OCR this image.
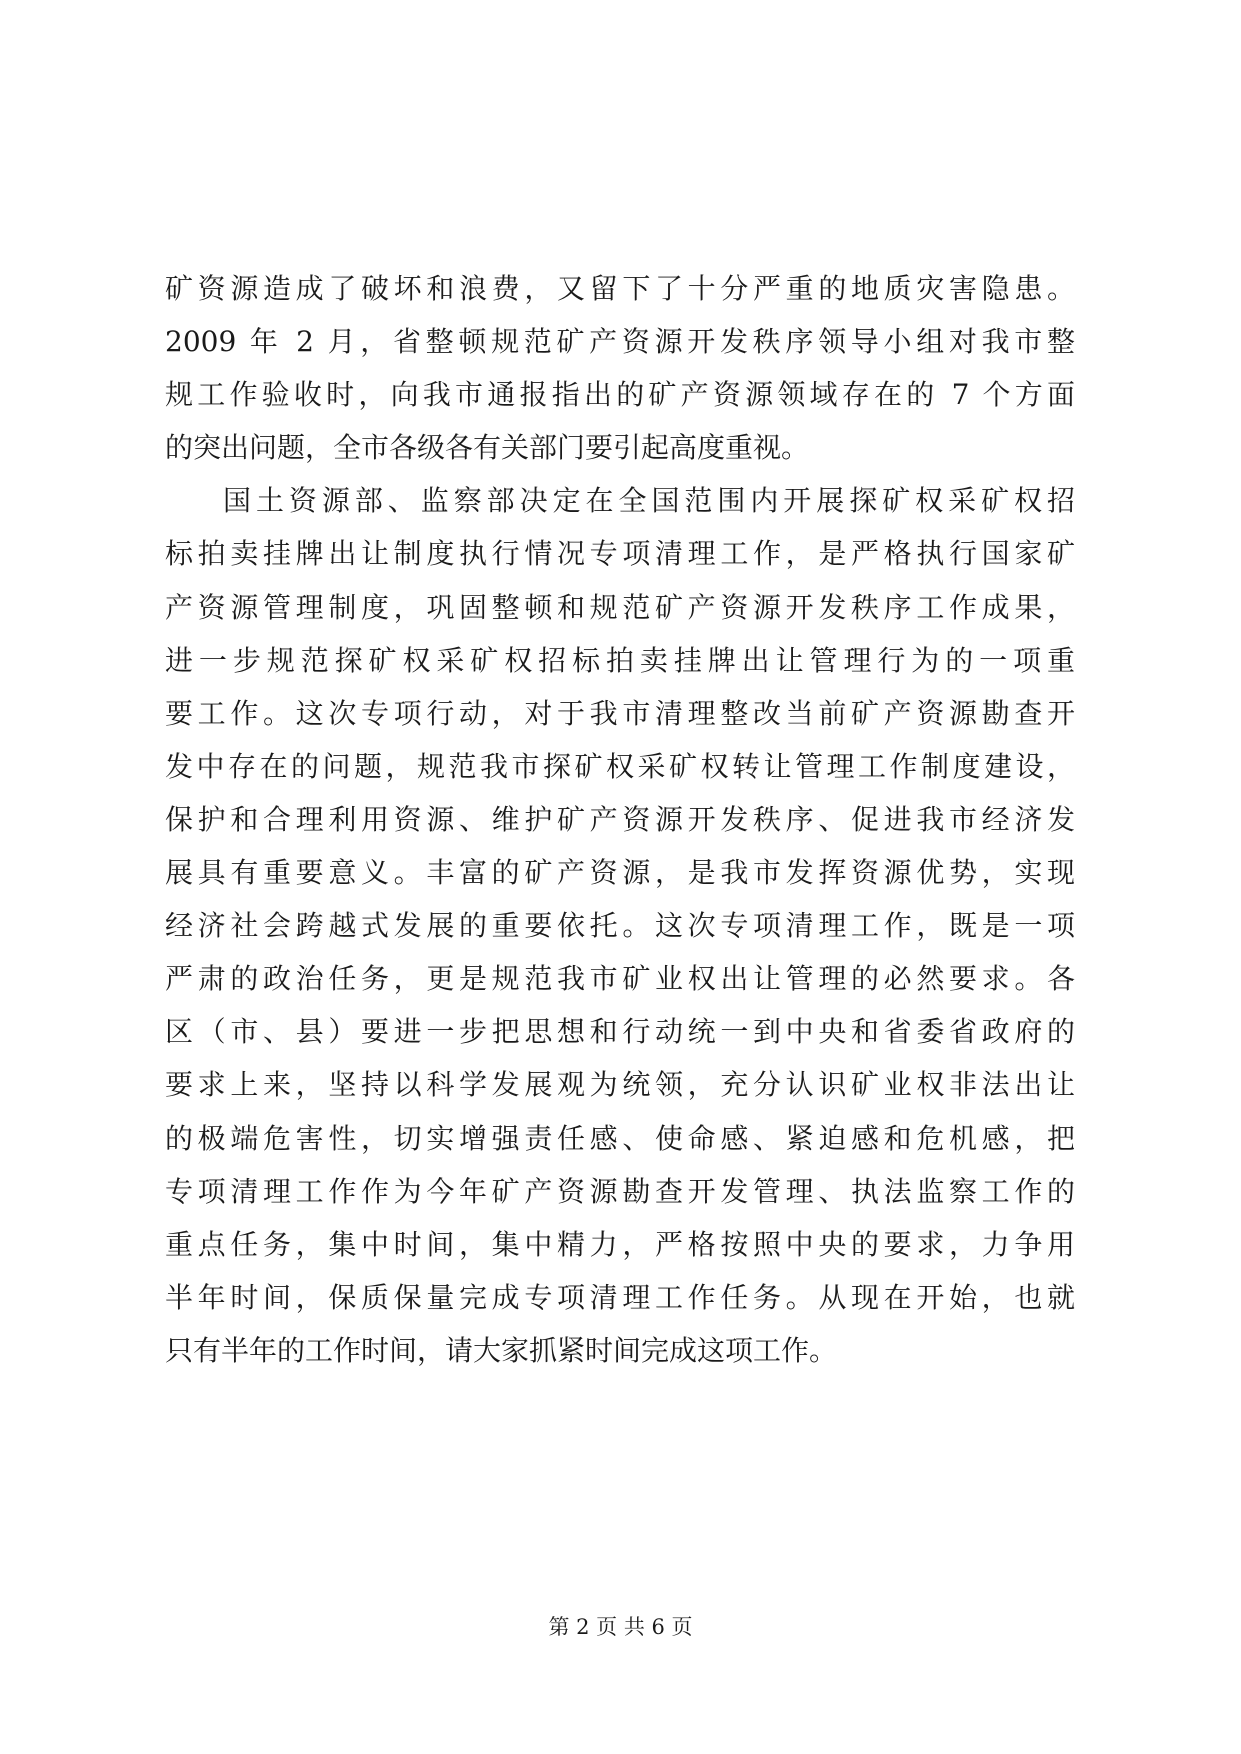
矿资源造成了破坏和浪费，又留下了十分严重的地质灾害隐患。
2009 年 2 月，省整顿规范矿产资源开发秩序领导小组对我市整
规工作验收时，向我市通报指出的矿产资源领域存在的 7 个方面
的突出问题，全市各级各有关部门要引起高度重视。
国土资源部、监察部决定在全国范围内开展探矿权采矿权招
标拍卖挂牌出让制度执行情况专项清理工作，是严格执行国家矿
产资源管理制度，巩固整顿和规范矿产资源开发秩序工作成果，
进一步规范探矿权采矿权招标拍卖挂牌出让管理行为的一项重
要工作。这次专项行动，对于我市清理整改当前矿产资源勘查开
发中存在的问题，规范我市探矿权采矿权转让管理工作制度建设，
保护和合理利用资源、维护矿产资源开发秩序、促进我市经济发
展具有重要意义。丰富的矿产资源，是我市发挥资源优势，实现
经济社会跨越式发展的重要依托。这次专项清理工作，既是一项
严肃的政治任务，更是规范我市矿业权出让管理的必然要求。各
区（市、县）要进一步把思想和行动统一到中央和省委省政府的
要求上来，坚持以科学发展观为统领，充分认识矿业权非法出让
的极端危害性，切实增强责任感、使命感、紧迫感和危机感，把
专项清理工作作为今年矿产资源勘查开发管理、执法监察工作的
重点任务，集中时间，集中精力，严格按照中央的要求，力争用
半年时间，保质保量完成专项清理工作任务。从现在开始，也就
只有半年的工作时间，请大家抓紧时间完成这项工作。
第 2 页 共 6 页
